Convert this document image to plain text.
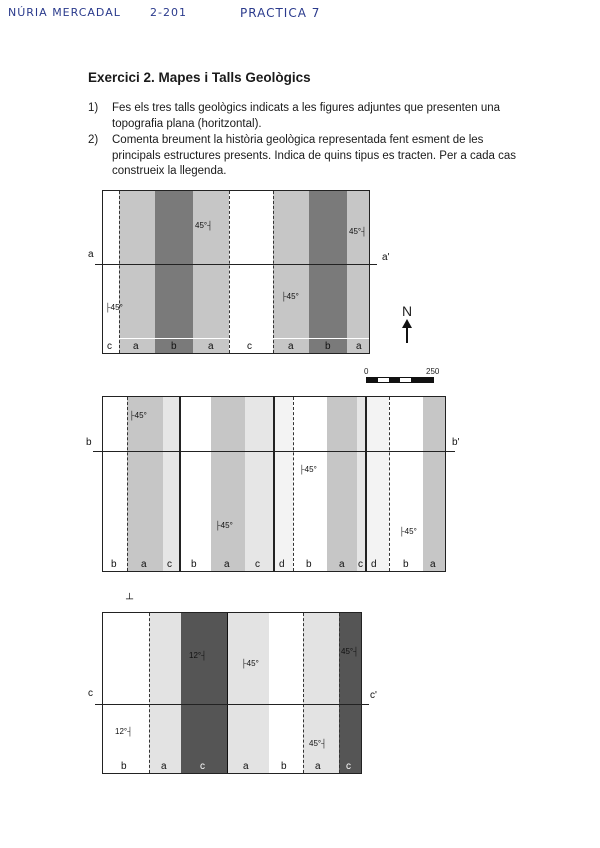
NÚRIA MERCADAL	2-201	PRACTICA 7
Exercici 2. Mapes i Talls Geològics
1)	Fes els tres talls geològics indicats a les figures adjuntes que presenten una topografia plana (horitzontal).
2)	Comenta breument la història geològica representada fent esment de les principals estructures presents. Indica de quins tipus es tracten. Per a cada cas construeix la llegenda.
c a	b	a	c	a	b	a
45°┤
45°┤
├45°
├45°
a	a'
N
0	250
b a c b	a	c d b	a c d	b a
├45°
├45°
├45°
├45°
b	b'
┴
b	a	c	a	b	a	c
12°┤
├45°
45°┤
12°┤
45°┤
c	c'
